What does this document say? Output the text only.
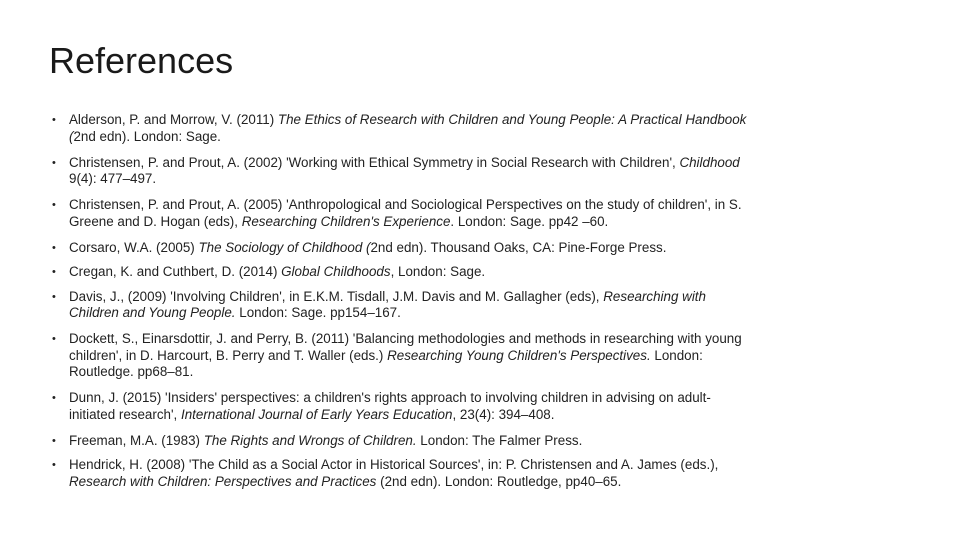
References
• Alderson, P. and Morrow, V. (2011) The Ethics of Research with Children and Young People: A Practical Handbook (2nd edn). London: Sage.
• Christensen, P. and Prout, A. (2002) 'Working with Ethical Symmetry in Social Research with Children', Childhood 9(4): 477–497.
• Christensen, P. and Prout, A. (2005) 'Anthropological and Sociological Perspectives on the study of children', in S. Greene and D. Hogan (eds), Researching Children's Experience. London: Sage. pp42 –60.
• Corsaro, W.A. (2005) The Sociology of Childhood (2nd edn). Thousand Oaks, CA: Pine-Forge Press.
• Cregan, K. and Cuthbert, D. (2014) Global Childhoods, London: Sage.
• Davis, J., (2009) 'Involving Children', in E.K.M. Tisdall, J.M. Davis and M. Gallagher (eds), Researching with Children and Young People. London: Sage. pp154–167.
• Dockett, S., Einarsdottir, J. and Perry, B. (2011) 'Balancing methodologies and methods in researching with young children', in D. Harcourt, B. Perry and T. Waller (eds.) Researching Young Children's Perspectives. London: Routledge. pp68–81.
• Dunn, J. (2015) 'Insiders' perspectives: a children's rights approach to involving children in advising on adult-initiated research', International Journal of Early Years Education, 23(4): 394–408.
• Freeman, M.A. (1983) The Rights and Wrongs of Children. London: The Falmer Press.
• Hendrick, H. (2008) 'The Child as a Social Actor in Historical Sources', in: P. Christensen and A. James (eds.), Research with Children: Perspectives and Practices (2nd edn). London: Routledge, pp40–65.
